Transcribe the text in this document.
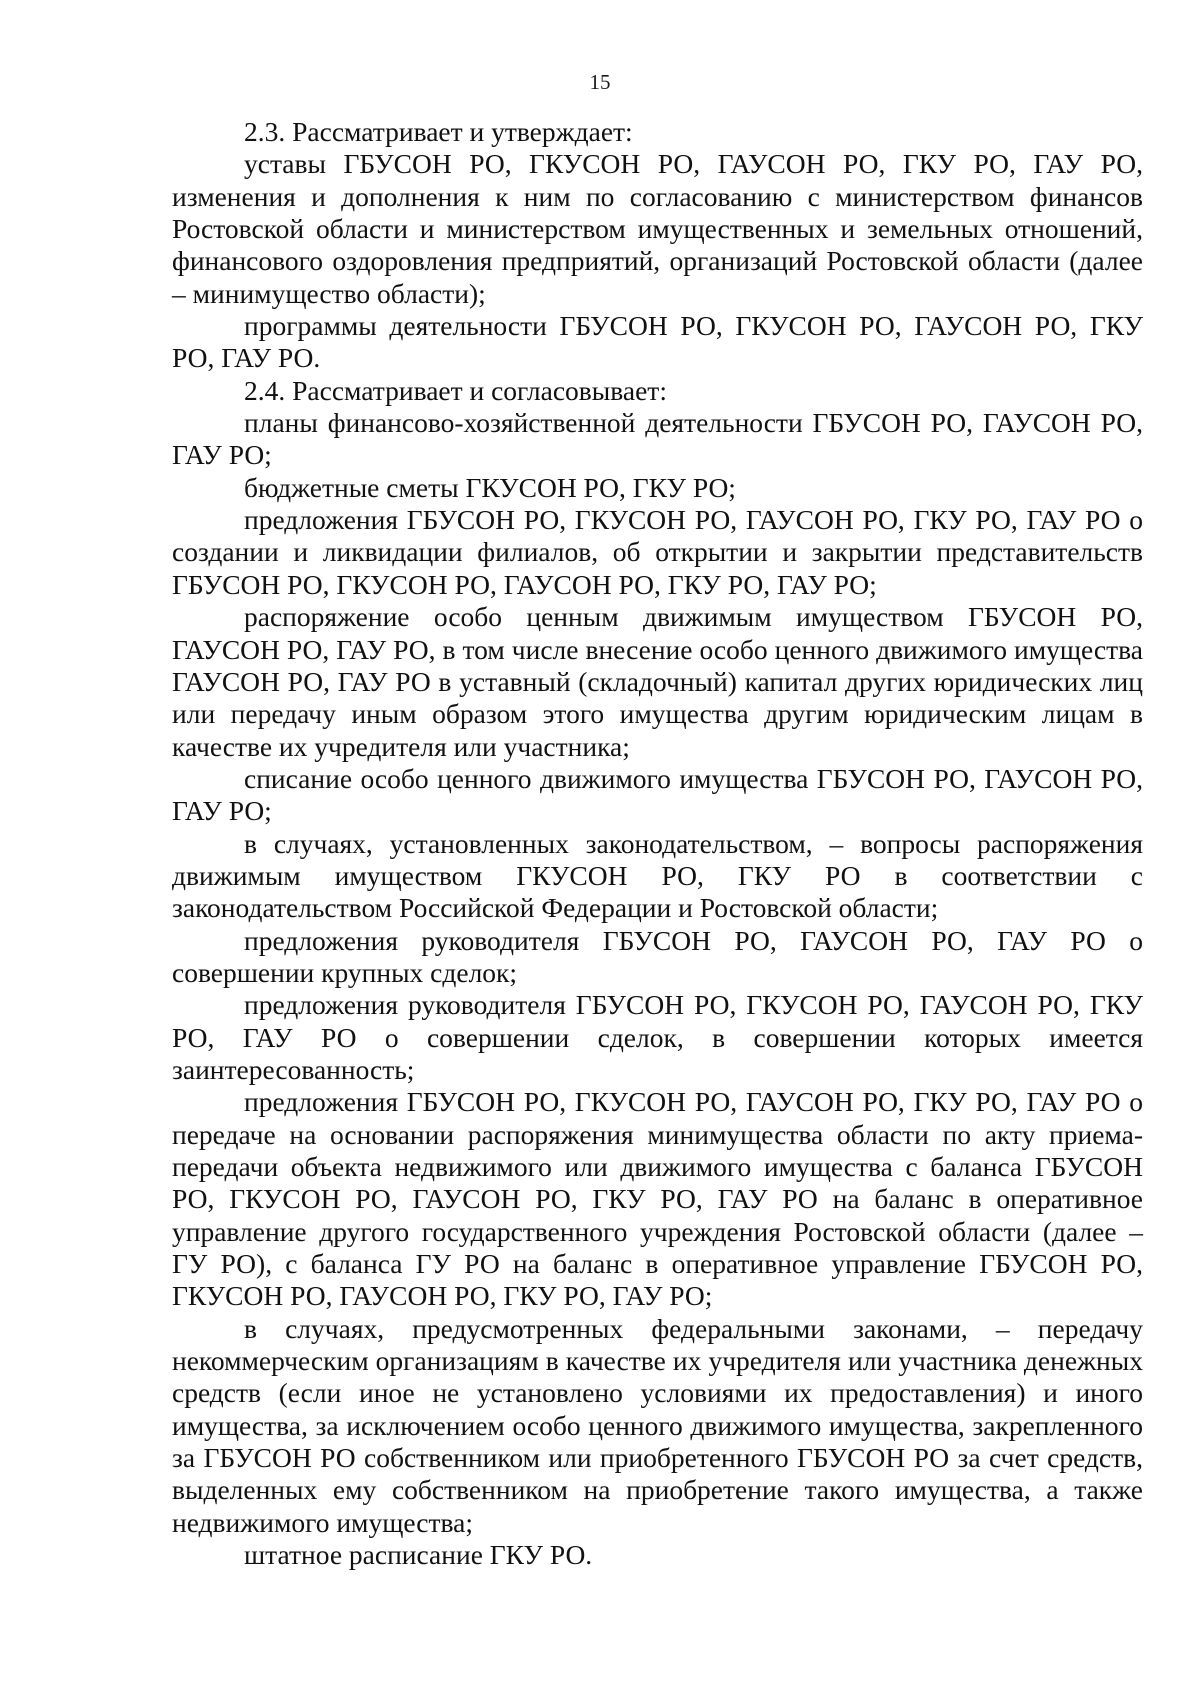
15

2.3. Рассматривает и утверждает:

уставы ГБУСОН РО, ГКУСОН РО, ГАУСОН РО, ГКУ РО, ГАУ РО, изменения и дополнения к ним по согласованию с министерством финансов Ростовской области и министерством имущественных и земельных отношений, финансового оздоровления предприятий, организаций Ростовской области (далее – минимущество области);

программы деятельности ГБУСОН РО, ГКУСОН РО, ГАУСОН РО, ГКУ РО, ГАУ РО.

2.4. Рассматривает и согласовывает:

планы финансово-хозяйственной деятельности ГБУСОН РО, ГАУСОН РО, ГАУ РО;

бюджетные сметы ГКУСОН РО, ГКУ РО;

предложения ГБУСОН РО, ГКУСОН РО, ГАУСОН РО, ГКУ РО, ГАУ РО о создании и ликвидации филиалов, об открытии и закрытии представительств ГБУСОН РО, ГКУСОН РО, ГАУСОН РО, ГКУ РО, ГАУ РО;

распоряжение особо ценным движимым имуществом ГБУСОН РО, ГАУСОН РО, ГАУ РО, в том числе внесение особо ценного движимого имущества ГАУСОН РО, ГАУ РО в уставный (складочный) капитал других юридических лиц или передачу иным образом этого имущества другим юридическим лицам в качестве их учредителя или участника;

списание особо ценного движимого имущества ГБУСОН РО, ГАУСОН РО, ГАУ РО;

в случаях, установленных законодательством, – вопросы распоряжения движимым имуществом ГКУСОН РО, ГКУ РО в соответствии с законодательством Российской Федерации и Ростовской области;

предложения руководителя ГБУСОН РО, ГАУСОН РО, ГАУ РО о совершении крупных сделок;

предложения руководителя ГБУСОН РО, ГКУСОН РО, ГАУСОН РО, ГКУ РО, ГАУ РО о совершении сделок, в совершении которых имеется заинтересованность;

предложения ГБУСОН РО, ГКУСОН РО, ГАУСОН РО, ГКУ РО, ГАУ РО о передаче на основании распоряжения минимущества области по акту приема-передачи объекта недвижимого или движимого имущества с баланса ГБУСОН РО, ГКУСОН РО, ГАУСОН РО, ГКУ РО, ГАУ РО на баланс в оперативное управление другого государственного учреждения Ростовской области (далее – ГУ РО), с баланса ГУ РО на баланс в оперативное управление ГБУСОН РО, ГКУСОН РО, ГАУСОН РО, ГКУ РО, ГАУ РО;

в случаях, предусмотренных федеральными законами, – передачу некоммерческим организациям в качестве их учредителя или участника денежных средств (если иное не установлено условиями их предоставления) и иного имущества, за исключением особо ценного движимого имущества, закрепленного за ГБУСОН РО собственником или приобретенного ГБУСОН РО за счет средств, выделенных ему собственником на приобретение такого имущества, а также недвижимого имущества;

штатное расписание ГКУ РО.
